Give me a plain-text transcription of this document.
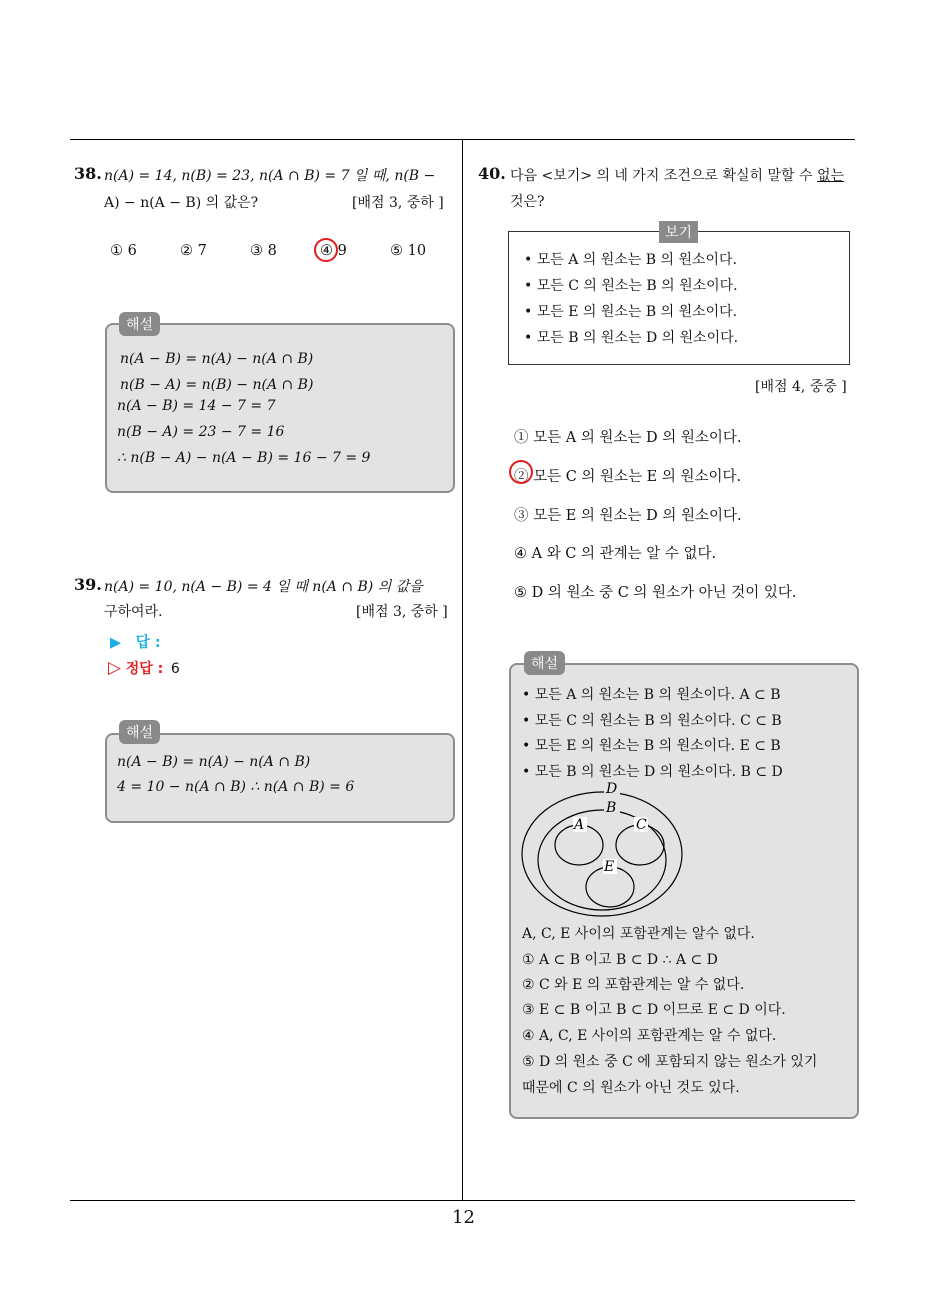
12
38. n(A) = 14, n(B) = 23, n(A ∩ B) = 7 일 때, n(B −
A) − n(A − B) 의 값은?	[배점 3, 중하 ]
① 6	② 7	③ 8	④ 9	⑤ 10
해설
n(A − B) = n(A) − n(A ∩ B)
n(B − A) = n(B) − n(A ∩ B)
n(A − B) = 14 − 7 = 7
n(B − A) = 23 − 7 = 16
∴ n(B − A) − n(A − B) = 16 − 7 = 9
39. n(A) = 10, n(A − B) = 4 일 때 n(A ∩ B) 의 값을
구하여라.	[배점 3, 중하 ]
▶ 답 :
▷ 정답 : 6
해설
n(A − B) = n(A) − n(A ∩ B)
4 = 10 − n(A ∩ B) ∴ n(A ∩ B) = 6
40. 다음 <보기> 의 네 가지 조건으로 확실히 말할 수 없는
것은?
보기
• 모든 A 의 원소는 B 의 원소이다.
• 모든 C 의 원소는 B 의 원소이다.
• 모든 E 의 원소는 B 의 원소이다.
• 모든 B 의 원소는 D 의 원소이다.
[배점 4, 중중 ]
① 모든 A 의 원소는 D 의 원소이다.
② 모든 C 의 원소는 E 의 원소이다.
③ 모든 E 의 원소는 D 의 원소이다.
④ A 와 C 의 관계는 알 수 없다.
⑤ D 의 원소 중 C 의 원소가 아닌 것이 있다.
해설
• 모든 A 의 원소는 B 의 원소이다. A ⊂ B
• 모든 C 의 원소는 B 의 원소이다. C ⊂ B
• 모든 E 의 원소는 B 의 원소이다. E ⊂ B
• 모든 B 의 원소는 D 의 원소이다. B ⊂ D
D
B
A	C
E
A, C, E 사이의 포함관계는 알수 없다.
① A ⊂ B 이고 B ⊂ D ∴ A ⊂ D
② C 와 E 의 포함관계는 알 수 없다.
③ E ⊂ B 이고 B ⊂ D 이므로 E ⊂ D 이다.
④ A, C, E 사이의 포함관계는 알 수 없다.
⑤ D 의 원소 중 C 에 포함되지 않는 원소가 있기
때문에 C 의 원소가 아닌 것도 있다.
